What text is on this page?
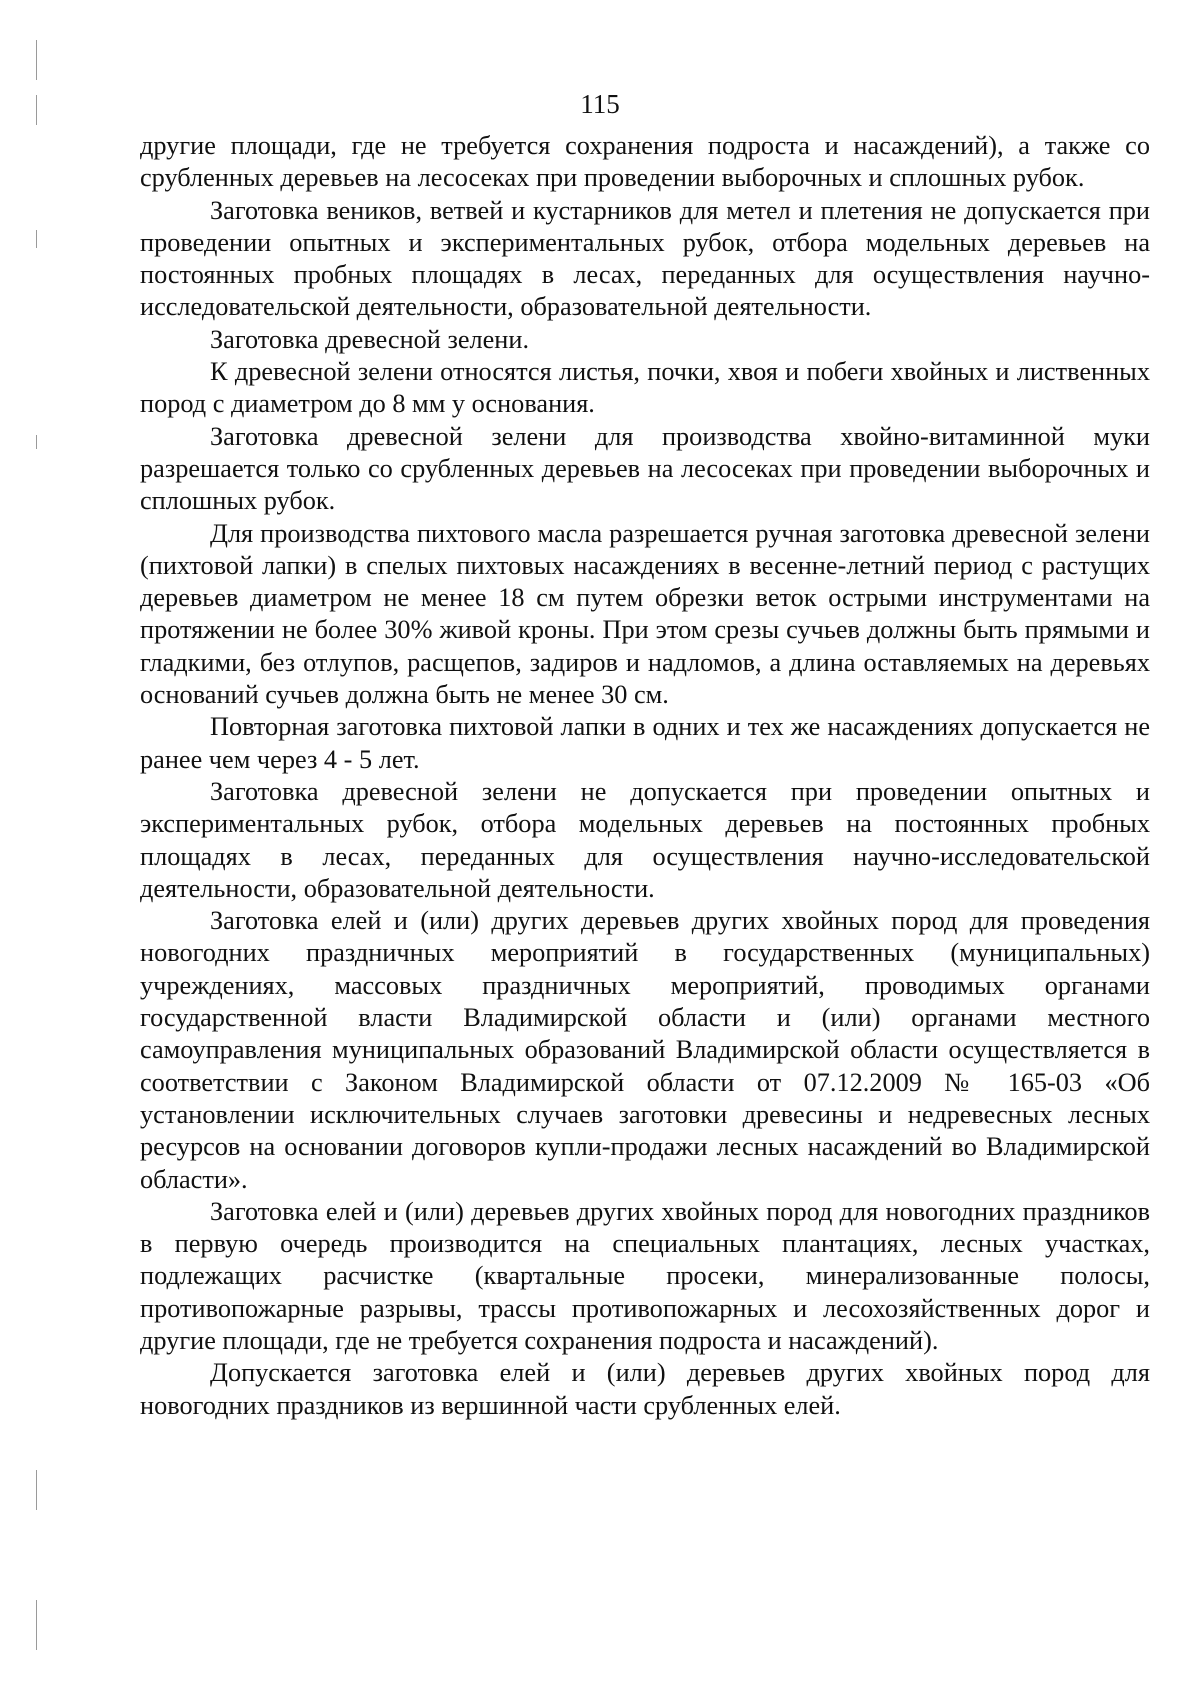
115

другие площади, где не требуется сохранения подроста и насаждений), а также со срубленных деревьев на лесосеках при проведении выборочных и сплошных рубок.

Заготовка веников, ветвей и кустарников для метел и плетения не допускается при проведении опытных и экспериментальных рубок, отбора модельных деревьев на постоянных пробных площадях в лесах, переданных для осуществления научно-исследовательской деятельности, образовательной деятельности.

Заготовка древесной зелени.

К древесной зелени относятся листья, почки, хвоя и побеги хвойных и лиственных пород с диаметром до 8 мм у основания.

Заготовка древесной зелени для производства хвойно-витаминной муки разрешается только со срубленных деревьев на лесосеках при проведении выборочных и сплошных рубок.

Для производства пихтового масла разрешается ручная заготовка древесной зелени (пихтовой лапки) в спелых пихтовых насаждениях в весенне-летний период с растущих деревьев диаметром не менее 18 см путем обрезки веток острыми инструментами на протяжении не более 30% живой кроны. При этом срезы сучьев должны быть прямыми и гладкими, без отлупов, расщепов, задиров и надломов, а длина оставляемых на деревьях оснований сучьев должна быть не менее 30 см.

Повторная заготовка пихтовой лапки в одних и тех же насаждениях допускается не ранее чем через 4 - 5 лет.

Заготовка древесной зелени не допускается при проведении опытных и экспериментальных рубок, отбора модельных деревьев на постоянных пробных площадях в лесах, переданных для осуществления научно-исследовательской деятельности, образовательной деятельности.

Заготовка елей и (или) других деревьев других хвойных пород для проведения новогодних праздничных мероприятий в государственных (муниципальных) учреждениях, массовых праздничных мероприятий, проводимых органами государственной власти Владимирской области и (или) органами местного самоуправления муниципальных образований Владимирской области осуществляется в соответствии с Законом Владимирской области от 07.12.2009 № 165-03 «Об установлении исключительных случаев заготовки древесины и недревесных лесных ресурсов на основании договоров купли-продажи лесных насаждений во Владимирской области».

Заготовка елей и (или) деревьев других хвойных пород для новогодних праздников в первую очередь производится на специальных плантациях, лесных участках, подлежащих расчистке (квартальные просеки, минерализованные полосы, противопожарные разрывы, трассы противопожарных и лесохозяйственных дорог и другие площади, где не требуется сохранения подроста и насаждений).

Допускается заготовка елей и (или) деревьев других хвойных пород для новогодних праздников из вершинной части срубленных елей.
